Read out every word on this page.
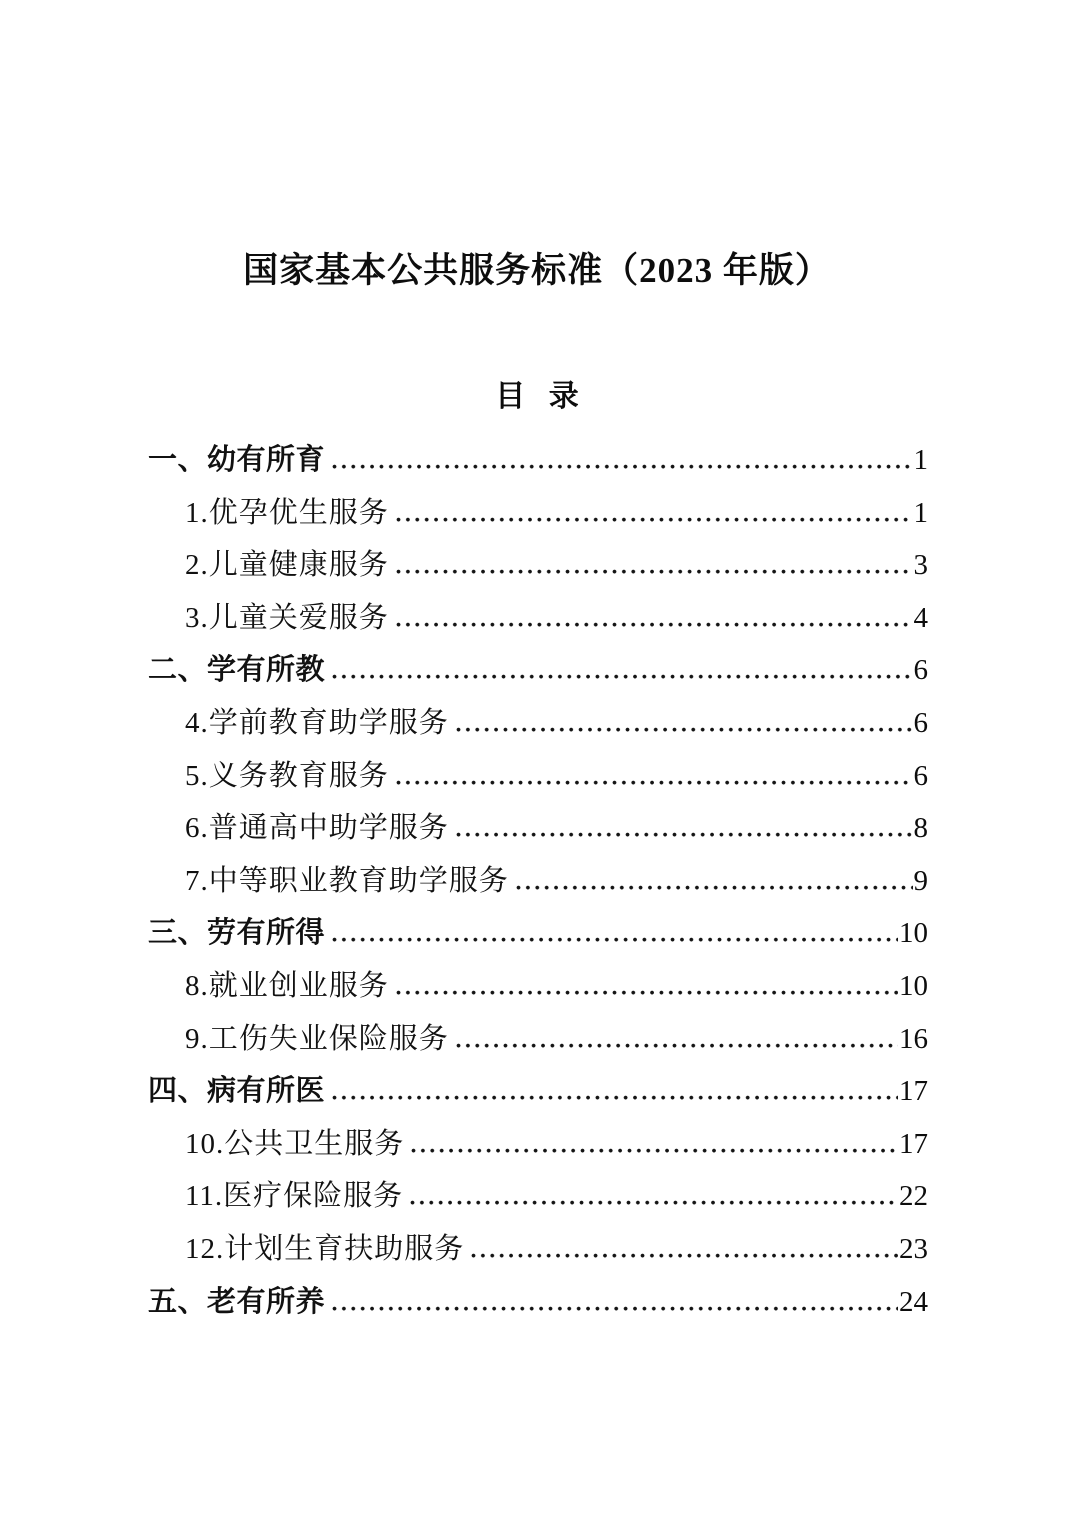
国家基本公共服务标准（2023 年版）
目 录
一、幼有所育	1
1.优孕优生服务	1
2.儿童健康服务	3
3.儿童关爱服务	4
二、学有所教	6
4.学前教育助学服务	6
5.义务教育服务	6
6.普通高中助学服务	8
7.中等职业教育助学服务	9
三、劳有所得	10
8.就业创业服务	10
9.工伤失业保险服务	16
四、病有所医	17
10.公共卫生服务	17
11.医疗保险服务	22
12.计划生育扶助服务	23
五、老有所养	24
